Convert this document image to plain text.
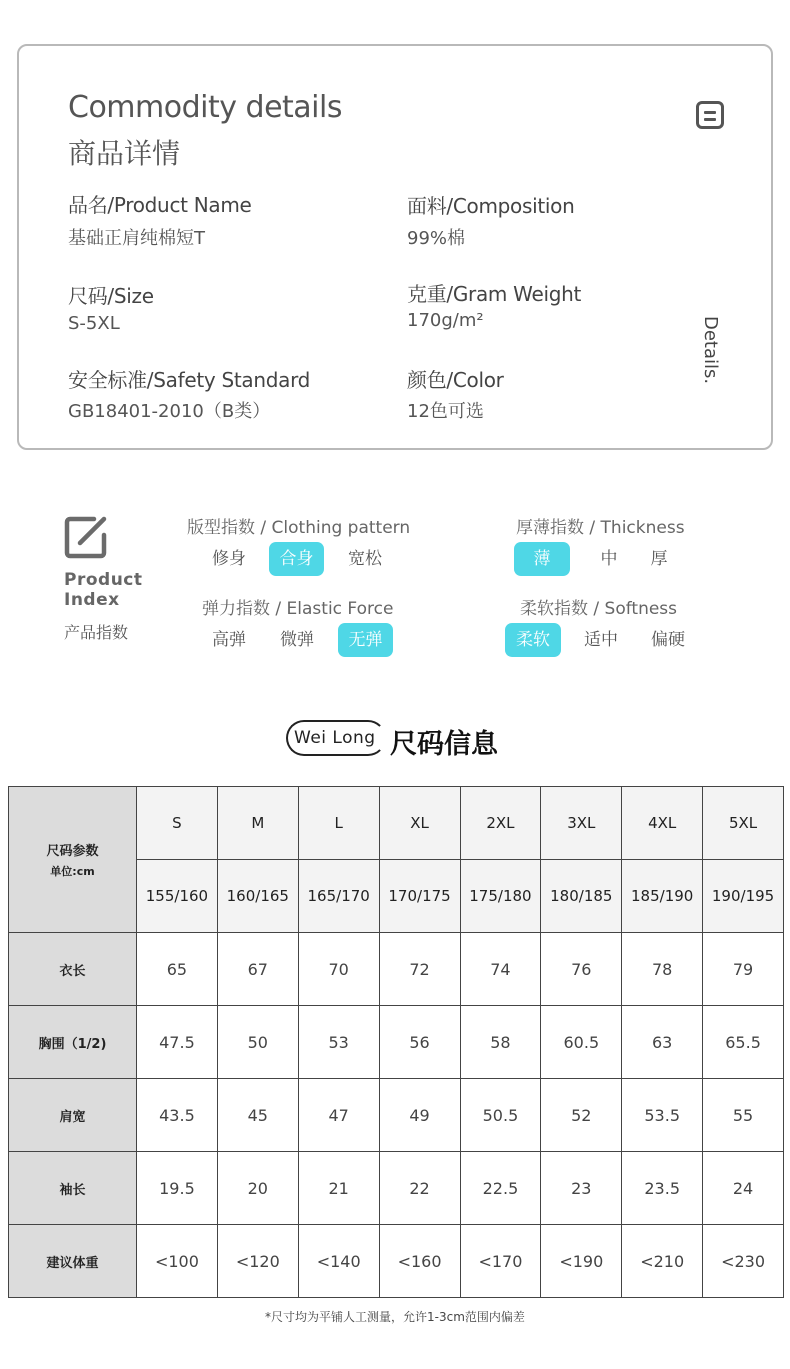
Commodity details
商品详情
Details.
品名/Product Name
基础正肩纯棉短T
面料/Composition
99%棉
尺码/Size
S-5XL
克重/Gram Weight
170g/m²
安全标准/Safety Standard
GB18401-2010（B类）
颜色/Color
12色可选
Product
Index
产品指数
版型指数 / Clothing pattern
修身	合身	宽松
厚薄指数 / Thickness
薄	中	厚
弹力指数 / Elastic Force
高弹	微弹	无弹
柔软指数 / Softness
柔软	适中	偏硬
Wei Long 尺码信息
尺码参数
单位:cm	S	M	L	XL	2XL	3XL	4XL	5XL
	155/160	160/165	165/170	170/175	175/180	180/185	185/190	190/195
衣长	65	67	70	72	74	76	78	79
胸围（1/2)	47.5	50	53	56	58	60.5	63	65.5
肩宽	43.5	45	47	49	50.5	52	53.5	55
袖长	19.5	20	21	22	22.5	23	23.5	24
建议体重	<100	<120	<140	<160	<170	<190	<210	<230
*尺寸均为平铺人工测量，允许1-3cm范围内偏差
